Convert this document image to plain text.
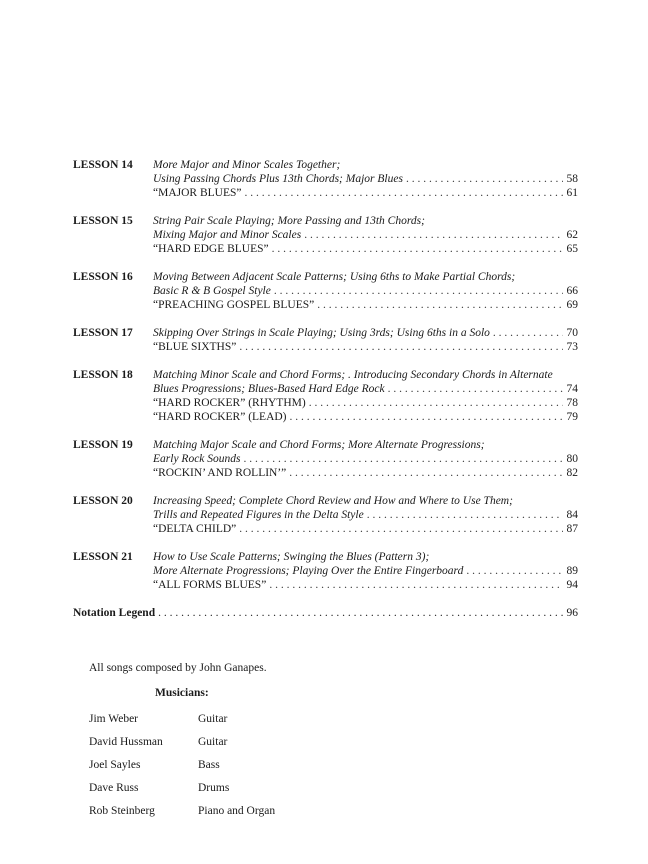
LESSON 14 More Major and Minor Scales Together;
Using Passing Chords Plus 13th Chords; Major Blues . . .	58
“MAJOR BLUES” . . .	61
LESSON 15 String Pair Scale Playing; More Passing and 13th Chords;
Mixing Major and Minor Scales . . .	62
“HARD EDGE BLUES” . . .	65
LESSON 16 Moving Between Adjacent Scale Patterns; Using 6ths to Make Partial Chords;
Basic R & B Gospel Style . . .	66
“PREACHING GOSPEL BLUES” . . .	69
LESSON 17 Skipping Over Strings in Scale Playing; Using 3rds; Using 6ths in a Solo . . .	70
“BLUE SIXTHS” . . .	73
LESSON 18 Matching Minor Scale and Chord Forms; . Introducing Secondary Chords in Alternate
Blues Progressions; Blues-Based Hard Edge Rock . . .	74
“HARD ROCKER” (RHYTHM) . . .	78
“HARD ROCKER” (LEAD) . . .	79
LESSON 19 Matching Major Scale and Chord Forms; More Alternate Progressions;
Early Rock Sounds . . .	80
“ROCKIN’ AND ROLLIN’” . . .	82
LESSON 20 Increasing Speed; Complete Chord Review and How and Where to Use Them;
Trills and Repeated Figures in the Delta Style . . .	84
“DELTA CHILD” . . .	87
LESSON 21 How to Use Scale Patterns; Swinging the Blues (Pattern 3);
More Alternate Progressions; Playing Over the Entire Fingerboard . . .	89
“ALL FORMS BLUES” . . .	94
Notation Legend . . .	96
All songs composed by John Ganapes.
Musicians:
Jim Weber	Guitar
David Hussman	Guitar
Joel Sayles	Bass
Dave Russ	Drums
Rob Steinberg	Piano and Organ
